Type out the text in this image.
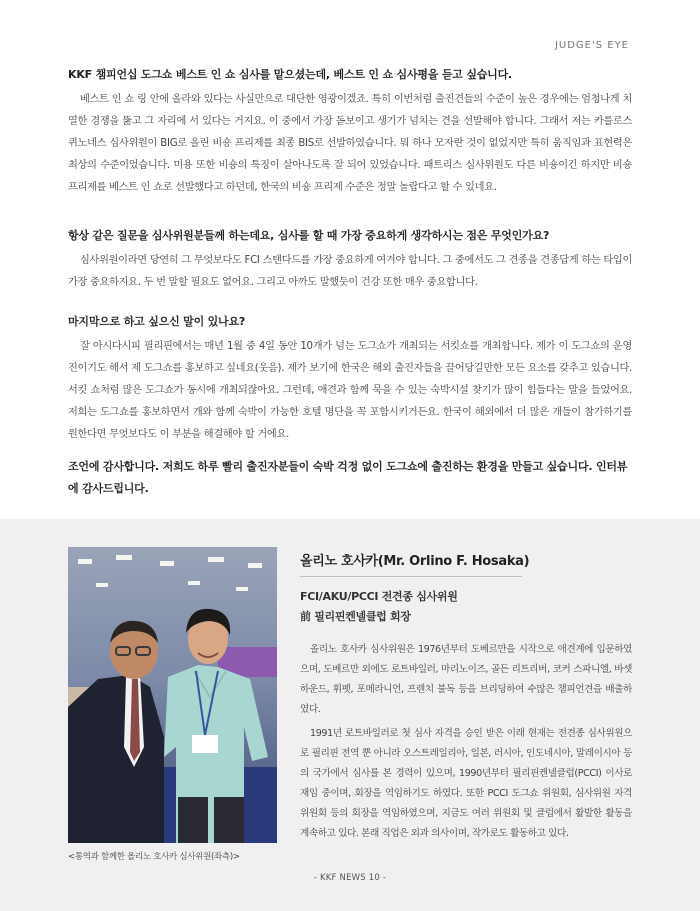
JUDGE'S EYE

KKF 챔피언십 도그쇼 베스트 인 쇼 심사를 맡으셨는데, 베스트 인 쇼 심사평을 듣고 싶습니다.

베스트 인 쇼 링 안에 올라와 있다는 사실만으로 대단한 영광이겠죠. 특히 이번처럼 출진견들의 수준이 높은 경우에는 엄청나게 치열한 경쟁을 뚫고 그 자리에 서 있다는 거지요. 이 중에서 가장 돋보이고 생기가 넘치는 견을 선발해야 합니다. 그래서 저는 카를로스 퀴노네스 심사위원이 BIG로 올린 비숑 프리제를 최종 BIS로 선발하였습니다. 뭐 하나 모자란 것이 없었지만 특히 움직임과 표현력은 최상의 수준이었습니다. 미용 또한 비숑의 특징이 살아나도록 잘 되어 있었습니다. 패트리스 심사위원도 다른 비숑이긴 하지만 비숑프리제를 베스트 인 쇼로 선발했다고 하던데, 한국의 비숑 프리제 수준은 정말 놀랍다고 할 수 있네요.

항상 같은 질문을 심사위원분들께 하는데요, 심사를 할 때 가장 중요하게 생각하시는 점은 무엇인가요?

심사위원이라면 당연히 그 무엇보다도 FCI 스탠다드를 가장 중요하게 여겨야 합니다. 그 중에서도 그 견종을 견종답게 하는 타입이 가장 중요하지요. 두 번 말할 필요도 없어요. 그리고 아까도 말했듯이 건강 또한 매우 중요합니다.

마지막으로 하고 싶으신 말이 있나요?

잘 아시다시피 필리핀에서는 매년 1월 중 4일 동안 10개가 넘는 도그쇼가 개최되는 서킷쇼를 개최합니다. 제가 이 도그쇼의 운영진이기도 해서 제 도그쇼를 홍보하고 싶네요(웃음). 제가 보기에 한국은 해외 출진자들을 끌어당길만한 모든 요소를 갖추고 있습니다. 서킷 쇼처럼 많은 도그쇼가 동시에 개최되잖아요. 그런데, 애견과 함께 묵을 수 있는 숙박시설 찾기가 많이 힘들다는 말을 들었어요. 저희는 도그쇼를 홍보하면서 개와 함께 숙박이 가능한 호텔 명단을 꼭 포함시키거든요. 한국이 해외에서 더 많은 개들이 참가하기를 원한다면 무엇보다도 이 부분을 해결해야 할 거에요.

조언에 감사합니다. 저희도 하루 빨리 출진자분들이 숙박 걱정 없이 도그쇼에 출진하는 환경을 만들고 싶습니다. 인터뷰에 감사드립니다.

<통역과 함께한 올리노 호사카 심사위원(좌측)>

올리노 호사카(Mr. Orlino F. Hosaka)

FCI/AKU/PCCI 전견종 심사위원

前 필리핀켄넬클럽 회장

올리노 호사카 심사위원은 1976년부터 도베르만을 시작으로 애견계에 입문하였으며, 도베르만 외에도 로트바일러, 마리노이즈, 골든 리트리버, 코커 스파니엘, 바셋 하운드, 휘펫, 포메라니언, 프렌치 불독 등을 브리딩하여 수많은 챔피언견을 배출하였다.

1991년 로트바일러로 첫 심사 자격을 승인 받은 이래 현재는 전견종 심사위원으로 필리핀 전역 뿐 아니라 오스트레일리아, 일본, 러시아, 인도네시아, 말레이시아 등의 국가에서 심사를 본 경력이 있으며, 1990년부터 필리핀켄넬클럽(PCCI) 이사로 재임 중이며, 회장을 역임하기도 하였다. 또한 PCCI 도그쇼 위원회, 심사위원 자격 위원회 등의 회장을 역임하였으며, 지금도 여러 위원회 및 클럽에서 활발한 활동을 계속하고 있다. 본래 직업은 외과 의사이며, 작가로도 활동하고 있다.

- KKF NEWS 10 -
